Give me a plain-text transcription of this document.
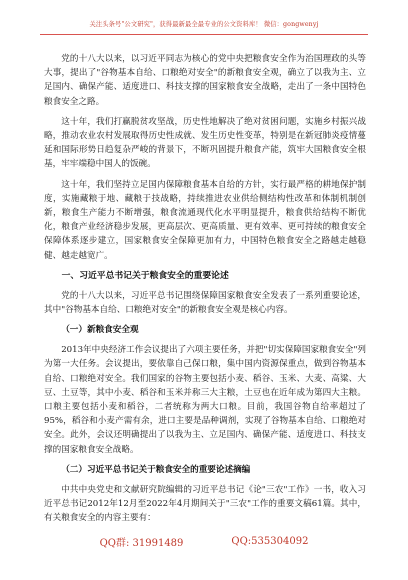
关注头条号"公文研究"，获得最新最全最专业的公文资料库！ 微信：gongwenyj

党的十八大以来，以习近平同志为核心的党中央把粮食安全作为治国理政的头等大事，提出了"谷物基本自给、口粮绝对安全"的新粮食安全观，确立了以我为主、立足国内、确保产能、适度进口、科技支撑的国家粮食安全战略，走出了一条中国特色粮食安全之路。

这十年，我们打赢脱贫攻坚战，历史性地解决了绝对贫困问题，实施乡村振兴战略，推动农业农村发展取得历史性成就、发生历史性变革，特别是在新冠肺炎疫情蔓延和国际形势日趋复杂严峻的背景下，不断巩固提升粮食产能，筑牢大国粮食安全根基，牢牢端稳中国人的饭碗。

这十年，我们坚持立足国内保障粮食基本自给的方针，实行最严格的耕地保护制度，实施藏粮于地、藏粮于技战略，持续推进农业供给侧结构性改革和体制机制创新，粮食生产能力不断增强，粮食流通现代化水平明显提升，粮食供给结构不断优化，粮食产业经济稳步发展，更高层次、更高质量、更有效率、更可持续的粮食安全保障体系逐步建立，国家粮食安全保障更加有力，中国特色粮食安全之路越走越稳健、越走越宽广。

一、习近平总书记关于粮食安全的重要论述

党的十八大以来，习近平总书记围绕保障国家粮食安全发表了一系列重要论述，其中"谷物基本自给、口粮绝对安全"的新粮食安全观是核心内容。

（一）新粮食安全观

2013年中央经济工作会议提出了六项主要任务，并把"切实保障国家粮食安全"列为第一大任务。会议提出，要依靠自己保口粮，集中国内资源保重点，做到谷物基本自给、口粮绝对安全。我们国家的谷物主要包括小麦、稻谷、玉米、大麦、高粱、大豆、土豆等，其中小麦、稻谷和玉米并称三大主粮，土豆也在近年成为第四大主粮。口粮主要包括小麦和稻谷，二者统称为两大口粮。目前，我国谷物自给率超过了95%，稻谷和小麦产需有余，进口主要是品种调剂，实现了谷物基本自给、口粮绝对安全。此外，会议还明确提出了以我为主、立足国内、确保产能、适度进口、科技支撑的国家粮食安全战略。

（二）习近平总书记关于粮食安全的重要论述摘编

中共中央党史和文献研究院编辑的习近平总书记《论"三农"工作》一书，收入习近平总书记2012年12月至2022年4月期间关于"三农"工作的重要文稿61篇。其中，有关粮食安全的内容主要有：

QQ群: 31991489	QQ:535304092
